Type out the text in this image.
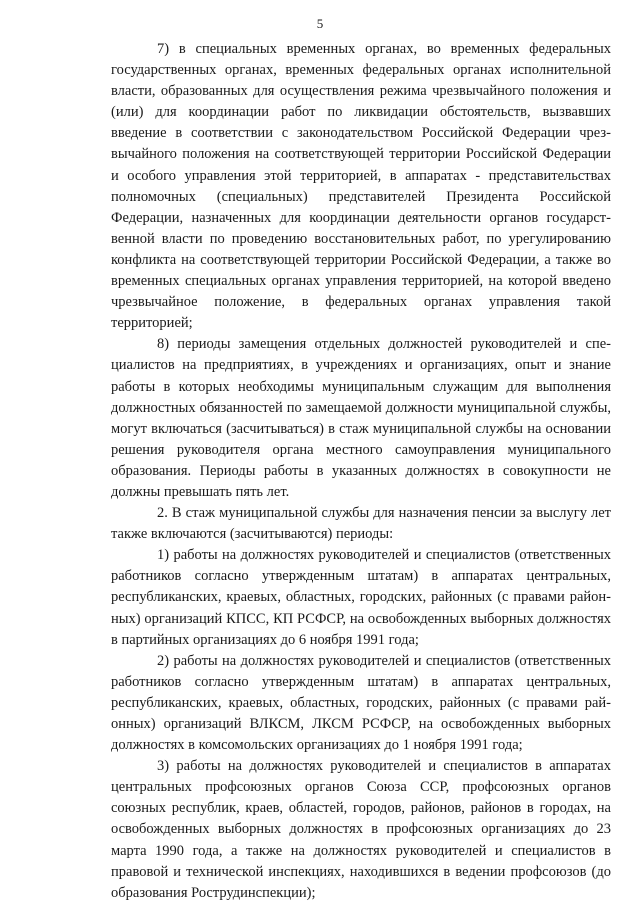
5

7) в специальных временных органах, во временных федеральных государственных органах, временных федеральных органах исполнительной власти, образованных для осуществления режима чрезвычайного положения и (или) для координации работ по ликвидации обстоятельств, вызвавших введение в соответствии с законодательством Российской Федерации чрезвычайного положения на соответствующей территории Российской Федерации и особого управления этой территорией, в аппаратах - представительствах полномочных (специальных) представителей Президента Российской Федерации, назначенных для координации деятельности органов государственной власти по проведению восстановительных работ, по урегулированию конфликта на соответствующей территории Российской Федерации, а также во временных специальных органах управления территорией, на которой введено чрезвычайное положение, в федеральных органах управления такой территорией;

8) периоды замещения отдельных должностей руководителей и специалистов на предприятиях, в учреждениях и организациях, опыт и знание работы в которых необходимы муниципальным служащим для выполнения должностных обязанностей по замещаемой должности муниципальной службы, могут включаться (засчитываться) в стаж муниципальной службы на основании решения руководителя органа местного самоуправления муниципального образования. Периоды работы в указанных должностях в совокупности не должны превышать пять лет.

2. В стаж муниципальной службы для назначения пенсии за выслугу лет также включаются (засчитываются) периоды:

1) работы на должностях руководителей и специалистов (ответственных работников согласно утвержденным штатам) в аппаратах центральных, республиканских, краевых, областных, городских, районных (с правами районных) организаций КПСС, КП РСФСР, на освобожденных выборных должностях в партийных организациях до 6 ноября 1991 года;

2) работы на должностях руководителей и специалистов (ответственных работников согласно утвержденным штатам) в аппаратах центральных, республиканских, краевых, областных, городских, районных (с правами районных) организаций ВЛКСМ, ЛКСМ РСФСР, на освобожденных выборных должностях в комсомольских организациях до 1 ноября 1991 года;

3) работы на должностях руководителей и специалистов в аппаратах центральных профсоюзных органов Союза ССР, профсоюзных органов союзных республик, краев, областей, городов, районов, районов в городах, на освобожденных выборных должностях в профсоюзных организациях до 23 марта 1990 года, а также на должностях руководителей и специалистов в правовой и технической инспекциях, находившихся в ведении профсоюзов (до образования Рострудинспекции);
